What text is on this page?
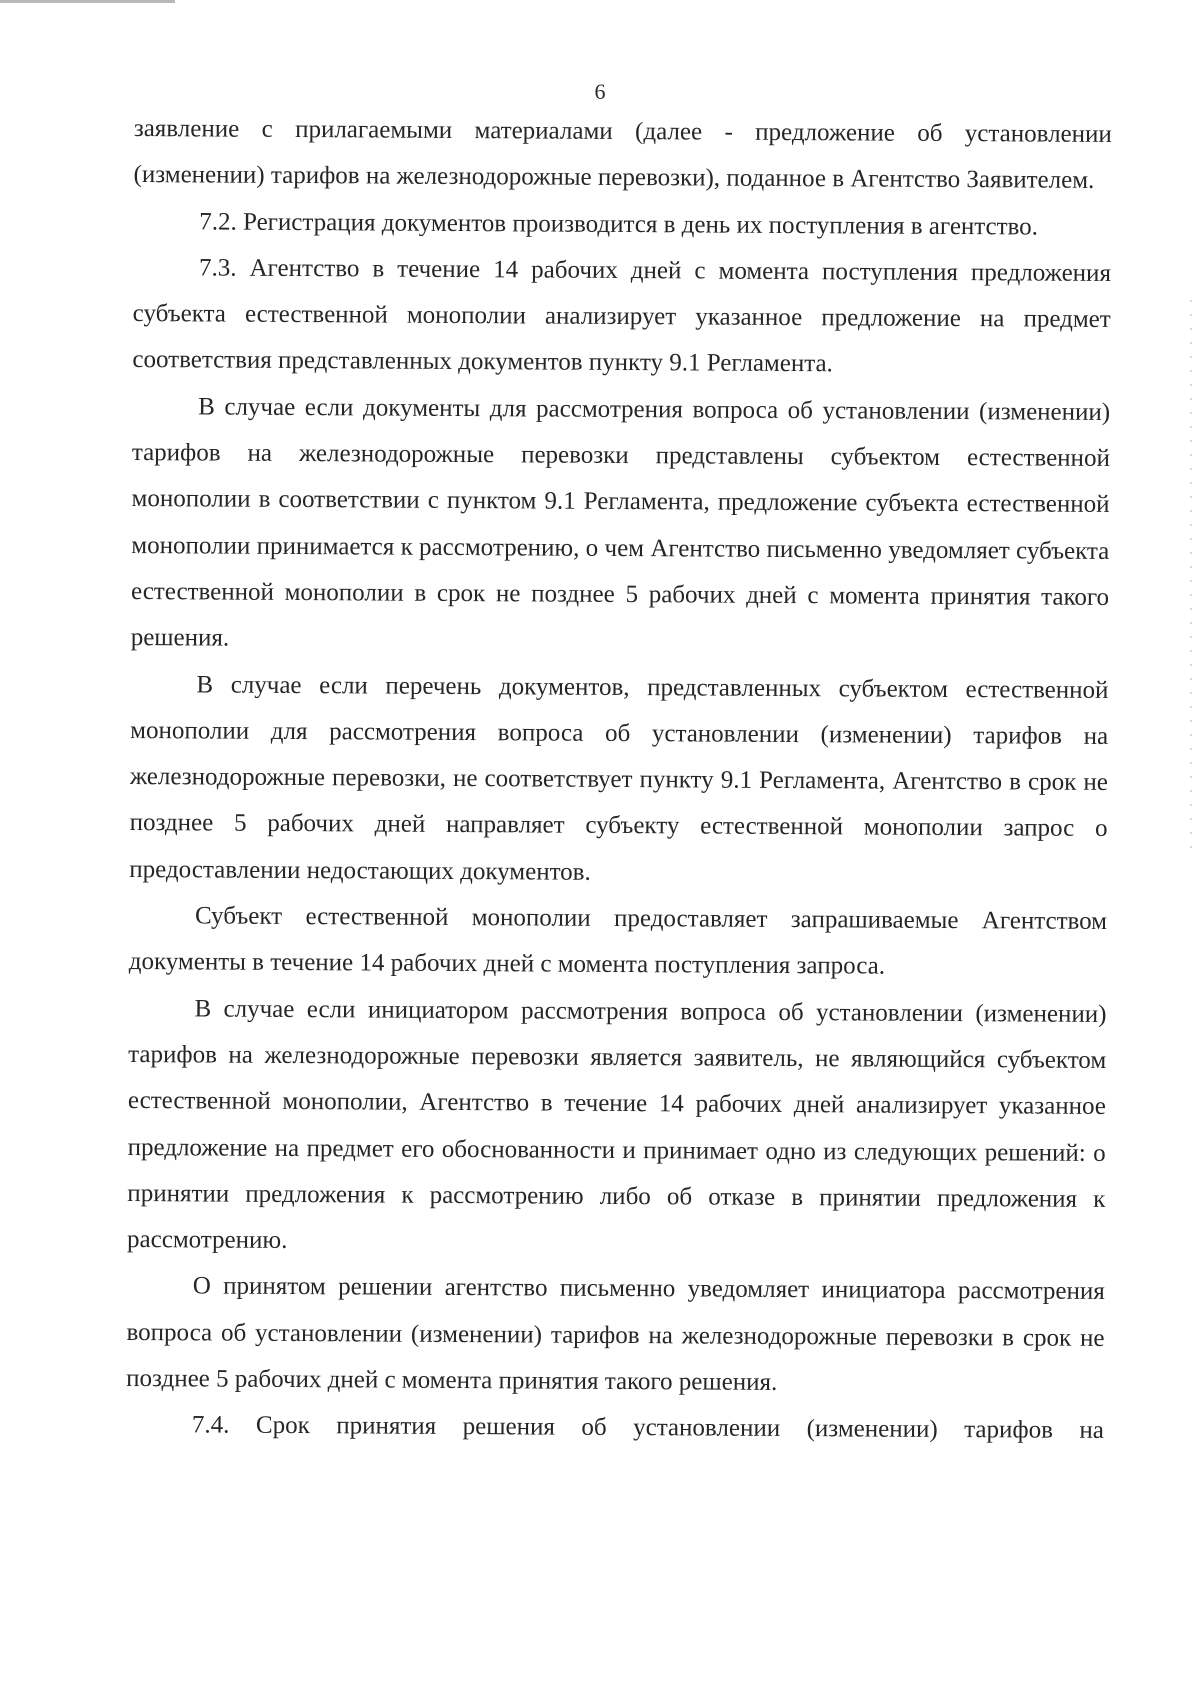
6

заявление с прилагаемыми материалами (далее - предложение об установлении (изменении) тарифов на железнодорожные перевозки), поданное в Агентство Заявителем.

7.2. Регистрация документов производится в день их поступления в агентство.

7.3. Агентство в течение 14 рабочих дней с момента поступления предложения субъекта естественной монополии анализирует указанное предложение на предмет соответствия представленных документов пункту 9.1 Регламента.

В случае если документы для рассмотрения вопроса об установлении (изменении) тарифов на железнодорожные перевозки представлены субъектом естественной монополии в соответствии с пунктом 9.1 Регламента, предложение субъекта естественной монополии принимается к рассмотрению, о чем Агентство письменно уведомляет субъекта естественной монополии в срок не позднее 5 рабочих дней с момента принятия такого решения.

В случае если перечень документов, представленных субъектом естественной монополии для рассмотрения вопроса об установлении (изменении) тарифов на железнодорожные перевозки, не соответствует пункту 9.1 Регламента, Агентство в срок не позднее 5 рабочих дней направляет субъекту естественной монополии запрос о предоставлении недостающих документов.

Субъект естественной монополии предоставляет запрашиваемые Агентством документы в течение 14 рабочих дней с момента поступления запроса.

В случае если инициатором рассмотрения вопроса об установлении (изменении) тарифов на железнодорожные перевозки является заявитель, не являющийся субъектом естественной монополии, Агентство в течение 14 рабочих дней анализирует указанное предложение на предмет его обоснованности и принимает одно из следующих решений: о принятии предложения к рассмотрению либо об отказе в принятии предложения к рассмотрению.

О принятом решении агентство письменно уведомляет инициатора рассмотрения вопроса об установлении (изменении) тарифов на железнодорожные перевозки в срок не позднее 5 рабочих дней с момента принятия такого решения.

7.4. Срок принятия решения об установлении (изменении) тарифов на
